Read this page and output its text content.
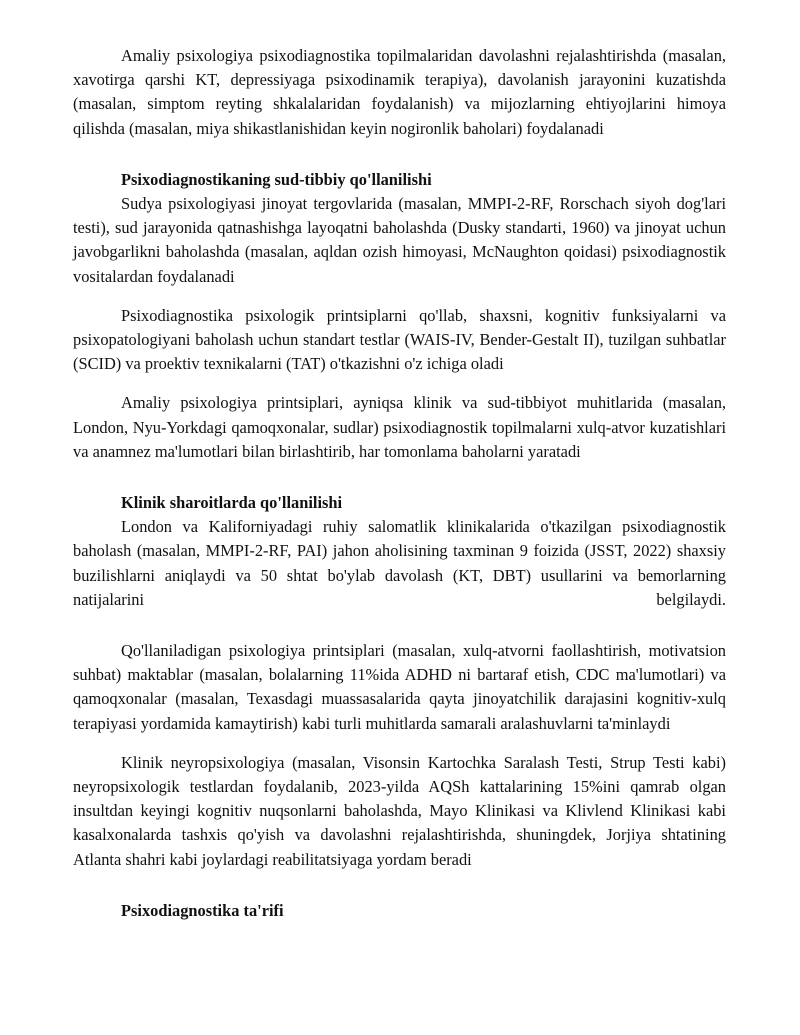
Amaliy psixologiya psixodiagnostika topilmalaridan davolashni rejalashtirishda (masalan, xavotirga qarshi KT, depressiyaga psixodinamik terapiya), davolanish jarayonini kuzatishda (masalan, simptom reyting shkalalaridan foydalanish) va mijozlarning ehtiyojlarini himoya qilishda (masalan, miya shikastlanishidan keyin nogironlik baholari) foydalanadi

Psixodiagnostikaning sud-tibbiy qo'llanilishi

Sudya psixologiyasi jinoyat tergovlarida (masalan, MMPI-2-RF, Rorschach siyoh dog'lari testi), sud jarayonida qatnashishga layoqatni baholashda (Dusky standarti, 1960) va jinoyat uchun javobgarlikni baholashda (masalan, aqldan ozish himoyasi, McNaughton qoidasi) psixodiagnostik vositalardan foydalanadi

Psixodiagnostika psixologik printsiplarni qo'llab, shaxsni, kognitiv funksiyalarni va psixopatologiyani baholash uchun standart testlar (WAIS-IV, Bender-Gestalt II), tuzilgan suhbatlar (SCID) va proektiv texnikalarni (TAT) o'tkazishni o'z ichiga oladi

Amaliy psixologiya printsiplari, ayniqsa klinik va sud-tibbiyot muhitlarida (masalan, London, Nyu-Yorkdagi qamoqxonalar, sudlar) psixodiagnostik topilmalarni xulq-atvor kuzatishlari va anamnez ma'lumotlari bilan birlashtirib, har tomonlama baholarni yaratadi

Klinik sharoitlarda qo'llanilishi

London va Kaliforniyadagi ruhiy salomatlik klinikalarida o'tkazilgan psixodiagnostik baholash (masalan, MMPI-2-RF, PAI) jahon aholisining taxminan 9 foizida (JSST, 2022) shaxsiy buzilishlarni aniqlaydi va 50 shtat bo'ylab davolash (KT, DBT) usullarini va bemorlarning natijalarini belgilaydi.

Qo'llaniladigan psixologiya printsiplari (masalan, xulq-atvorni faollashtirish, motivatsion suhbat) maktablar (masalan, bolalarning 11%ida ADHD ni bartaraf etish, CDC ma'lumotlari) va qamoqxonalar (masalan, Texasdagi muassasalarida qayta jinoyatchilik darajasini kognitiv-xulq terapiyasi yordamida kamaytirish) kabi turli muhitlarda samarali aralashuvlarni ta'minlaydi

Klinik neyropsixologiya (masalan, Visonsin Kartochka Saralash Testi, Strup Testi kabi) neyropsixologik testlardan foydalanib, 2023-yilda AQSh kattalarining 15%ini qamrab olgan insultdan keyingi kognitiv nuqsonlarni baholashda, Mayo Klinikasi va Klivlend Klinikasi kabi kasalxonalarda tashxis qo'yish va davolashni rejalashtirishda, shuningdek, Jorjiya shtatining Atlanta shahri kabi joylardagi reabilitatsiyaga yordam beradi

Psixodiagnostika ta'rifi
